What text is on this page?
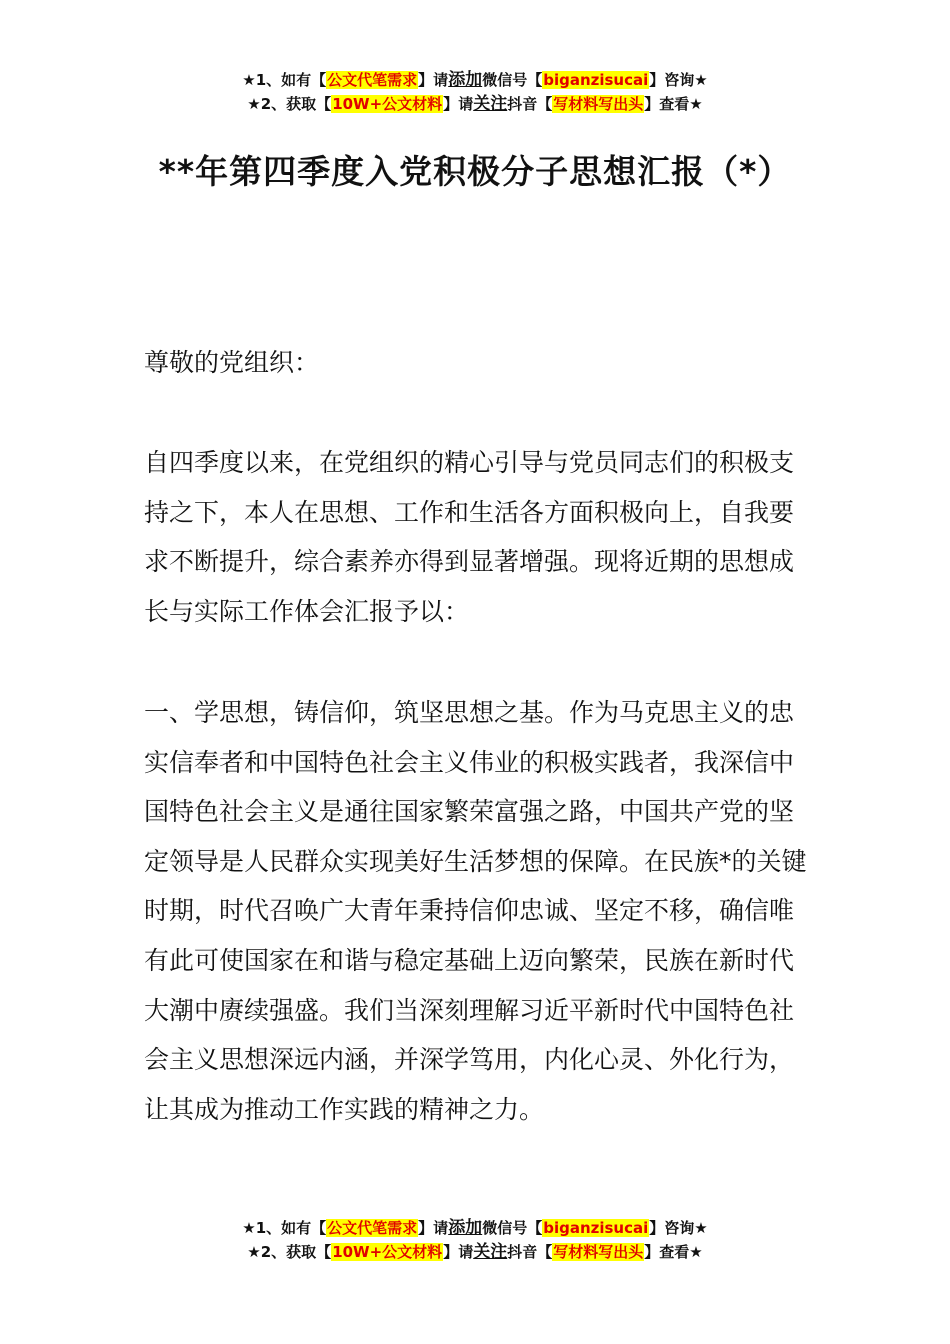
★1、如有【公文代笔需求】请添加微信号【biganzisucai】咨询★
★2、获取【10W+公文材料】请关注抖音【写材料写出头】查看★
**年第四季度入党积极分子思想汇报（*）

尊敬的党组织：

自四季度以来，在党组织的精心引导与党员同志们的积极支持之下，本人在思想、工作和生活各方面积极向上，自我要求不断提升，综合素养亦得到显著增强。现将近期的思想成长与实际工作体会汇报予以：

一、学思想，铸信仰，筑坚思想之基。作为马克思主义的忠实信奉者和中国特色社会主义伟业的积极实践者，我深信中国特色社会主义是通往国家繁荣富强之路，中国共产党的坚定领导是人民群众实现美好生活梦想的保障。在民族*的关键时期，时代召唤广大青年秉持信仰忠诚、坚定不移，确信唯有此可使国家在和谐与稳定基础上迈向繁荣，民族在新时代大潮中赓续强盛。我们当深刻理解习近平新时代中国特色社会主义思想深远内涵，并深学笃用，内化心灵、外化行为，让其成为推动工作实践的精神之力。

★1、如有【公文代笔需求】请添加微信号【biganzisucai】咨询★
★2、获取【10W+公文材料】请关注抖音【写材料写出头】查看★
